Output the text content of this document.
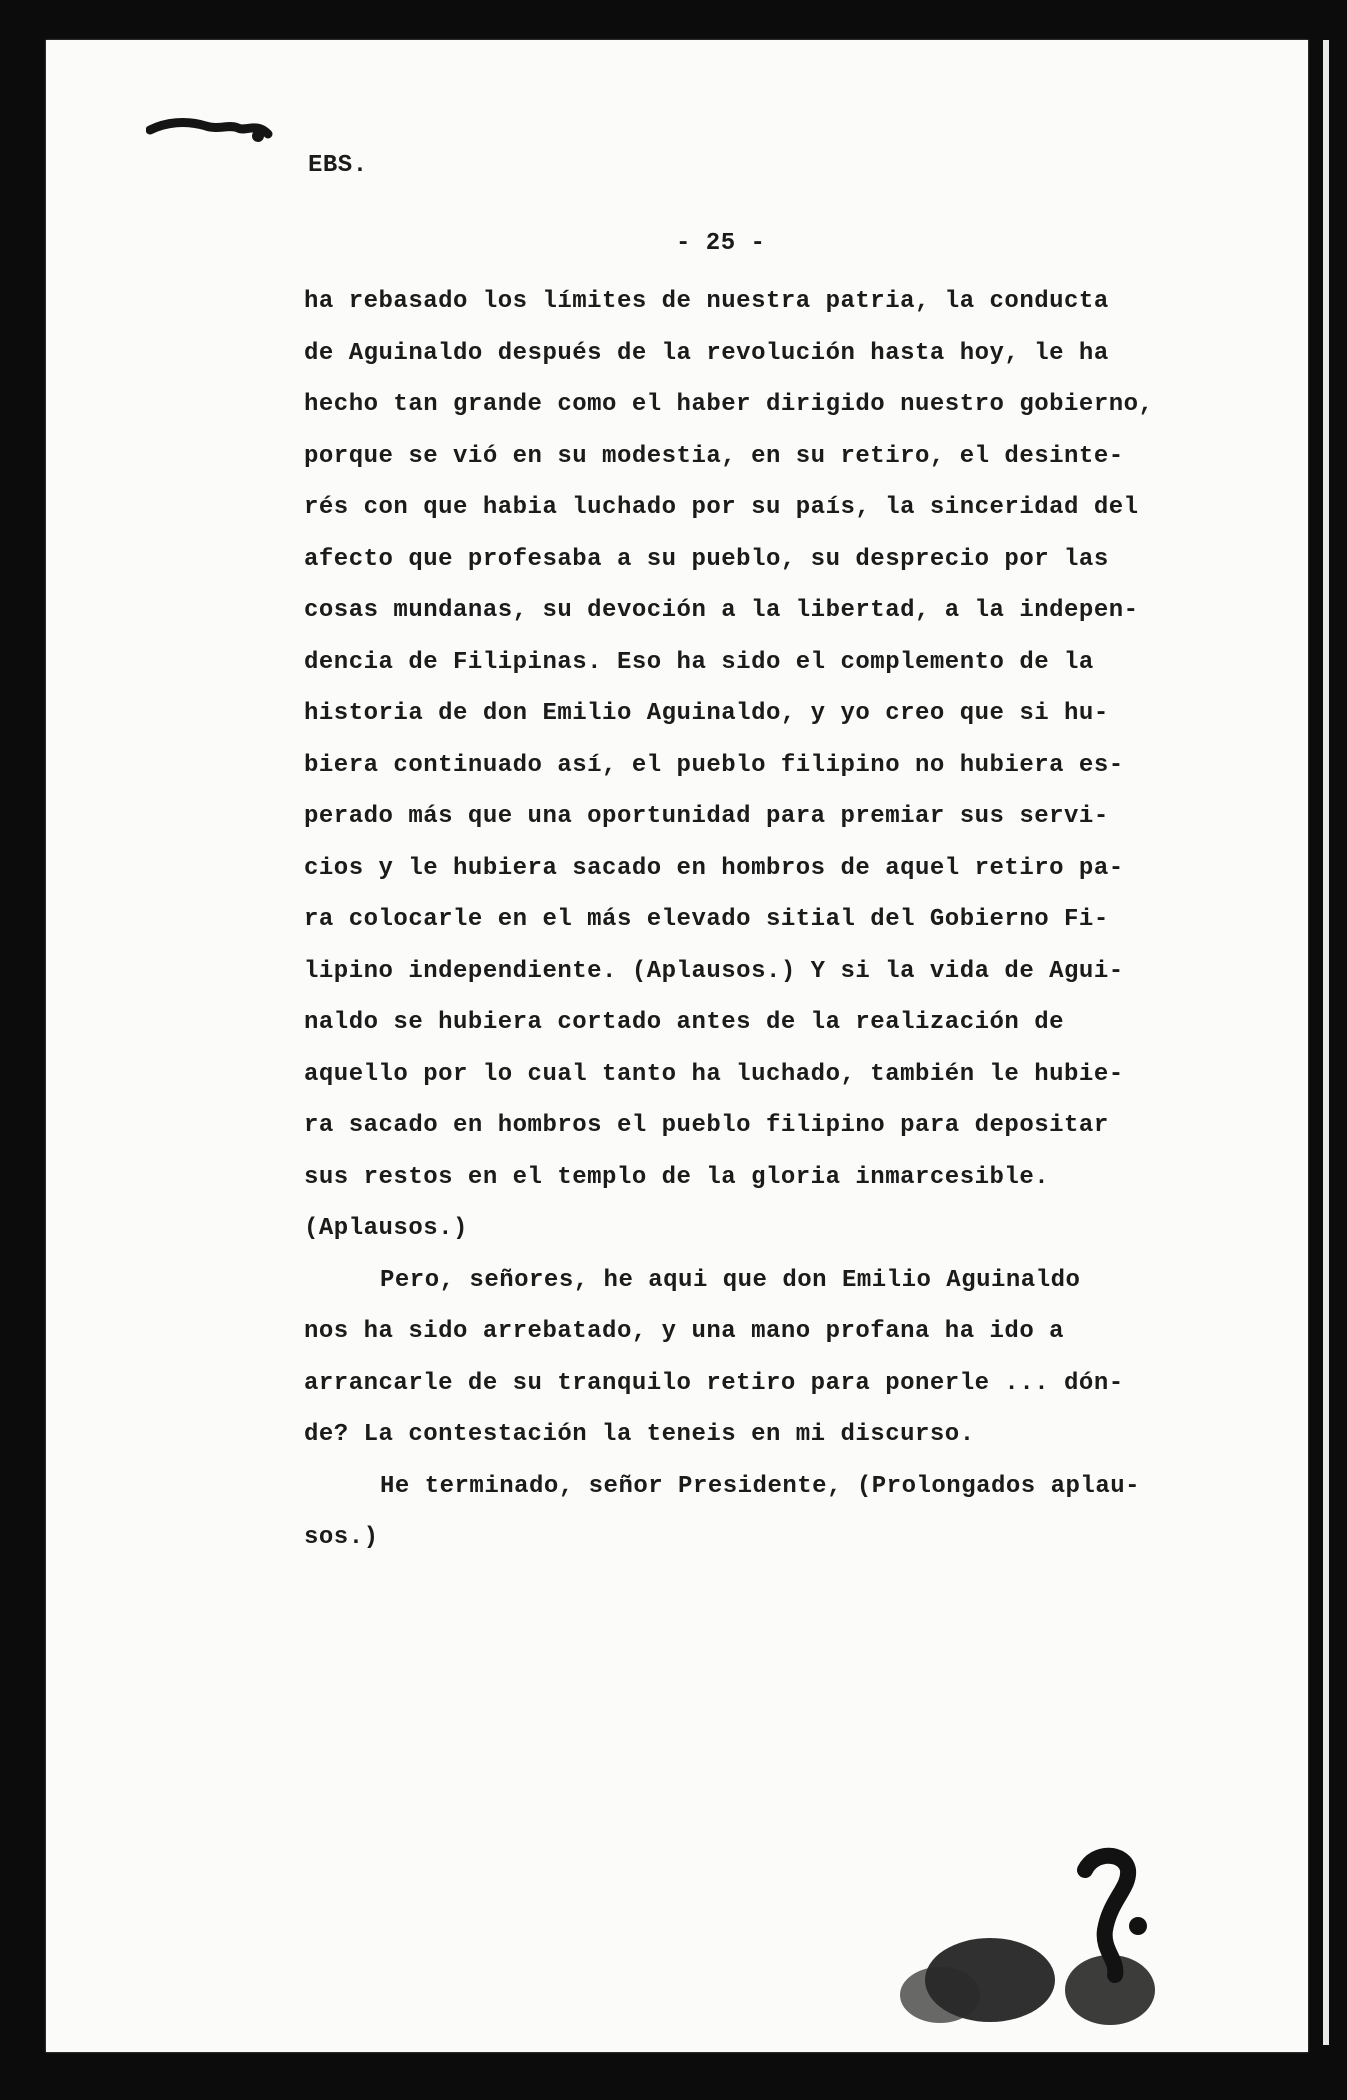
EBS.
- 25 -
ha rebasado los límites de nuestra patria, la conducta
de Aguinaldo después de la revolución hasta hoy, le ha
hecho tan grande como el haber dirigido nuestro gobierno,
porque se vió en su modestia, en su retiro, el desinte-
rés con que habia luchado por su país, la sinceridad del
afecto que profesaba a su pueblo, su desprecio por las
cosas mundanas, su devoción a la libertad, a la indepen-
dencia de Filipinas. Eso ha sido el complemento de la
historia de don Emilio Aguinaldo, y yo creo que si hu-
biera continuado así, el pueblo filipino no hubiera es-
perado más que una oportunidad para premiar sus servi-
cios y le hubiera sacado en hombros de aquel retiro pa-
ra colocarle en el más elevado sitial del Gobierno Fi-
lipino independiente. (Aplausos.) Y si la vida de Agui-
naldo se hubiera cortado antes de la realización de
aquello por lo cual tanto ha luchado, también le hubie-
ra sacado en hombros el pueblo filipino para depositar
sus restos en el templo de la gloria inmarcesible.
(Aplausos.)
Pero, señores, he aqui que don Emilio Aguinaldo
nos ha sido arrebatado, y una mano profana ha ido a
arrancarle de su tranquilo retiro para ponerle ... dón-
de? La contestación la teneis en mi discurso.
He terminado, señor Presidente, (Prolongados aplau-
sos.)
